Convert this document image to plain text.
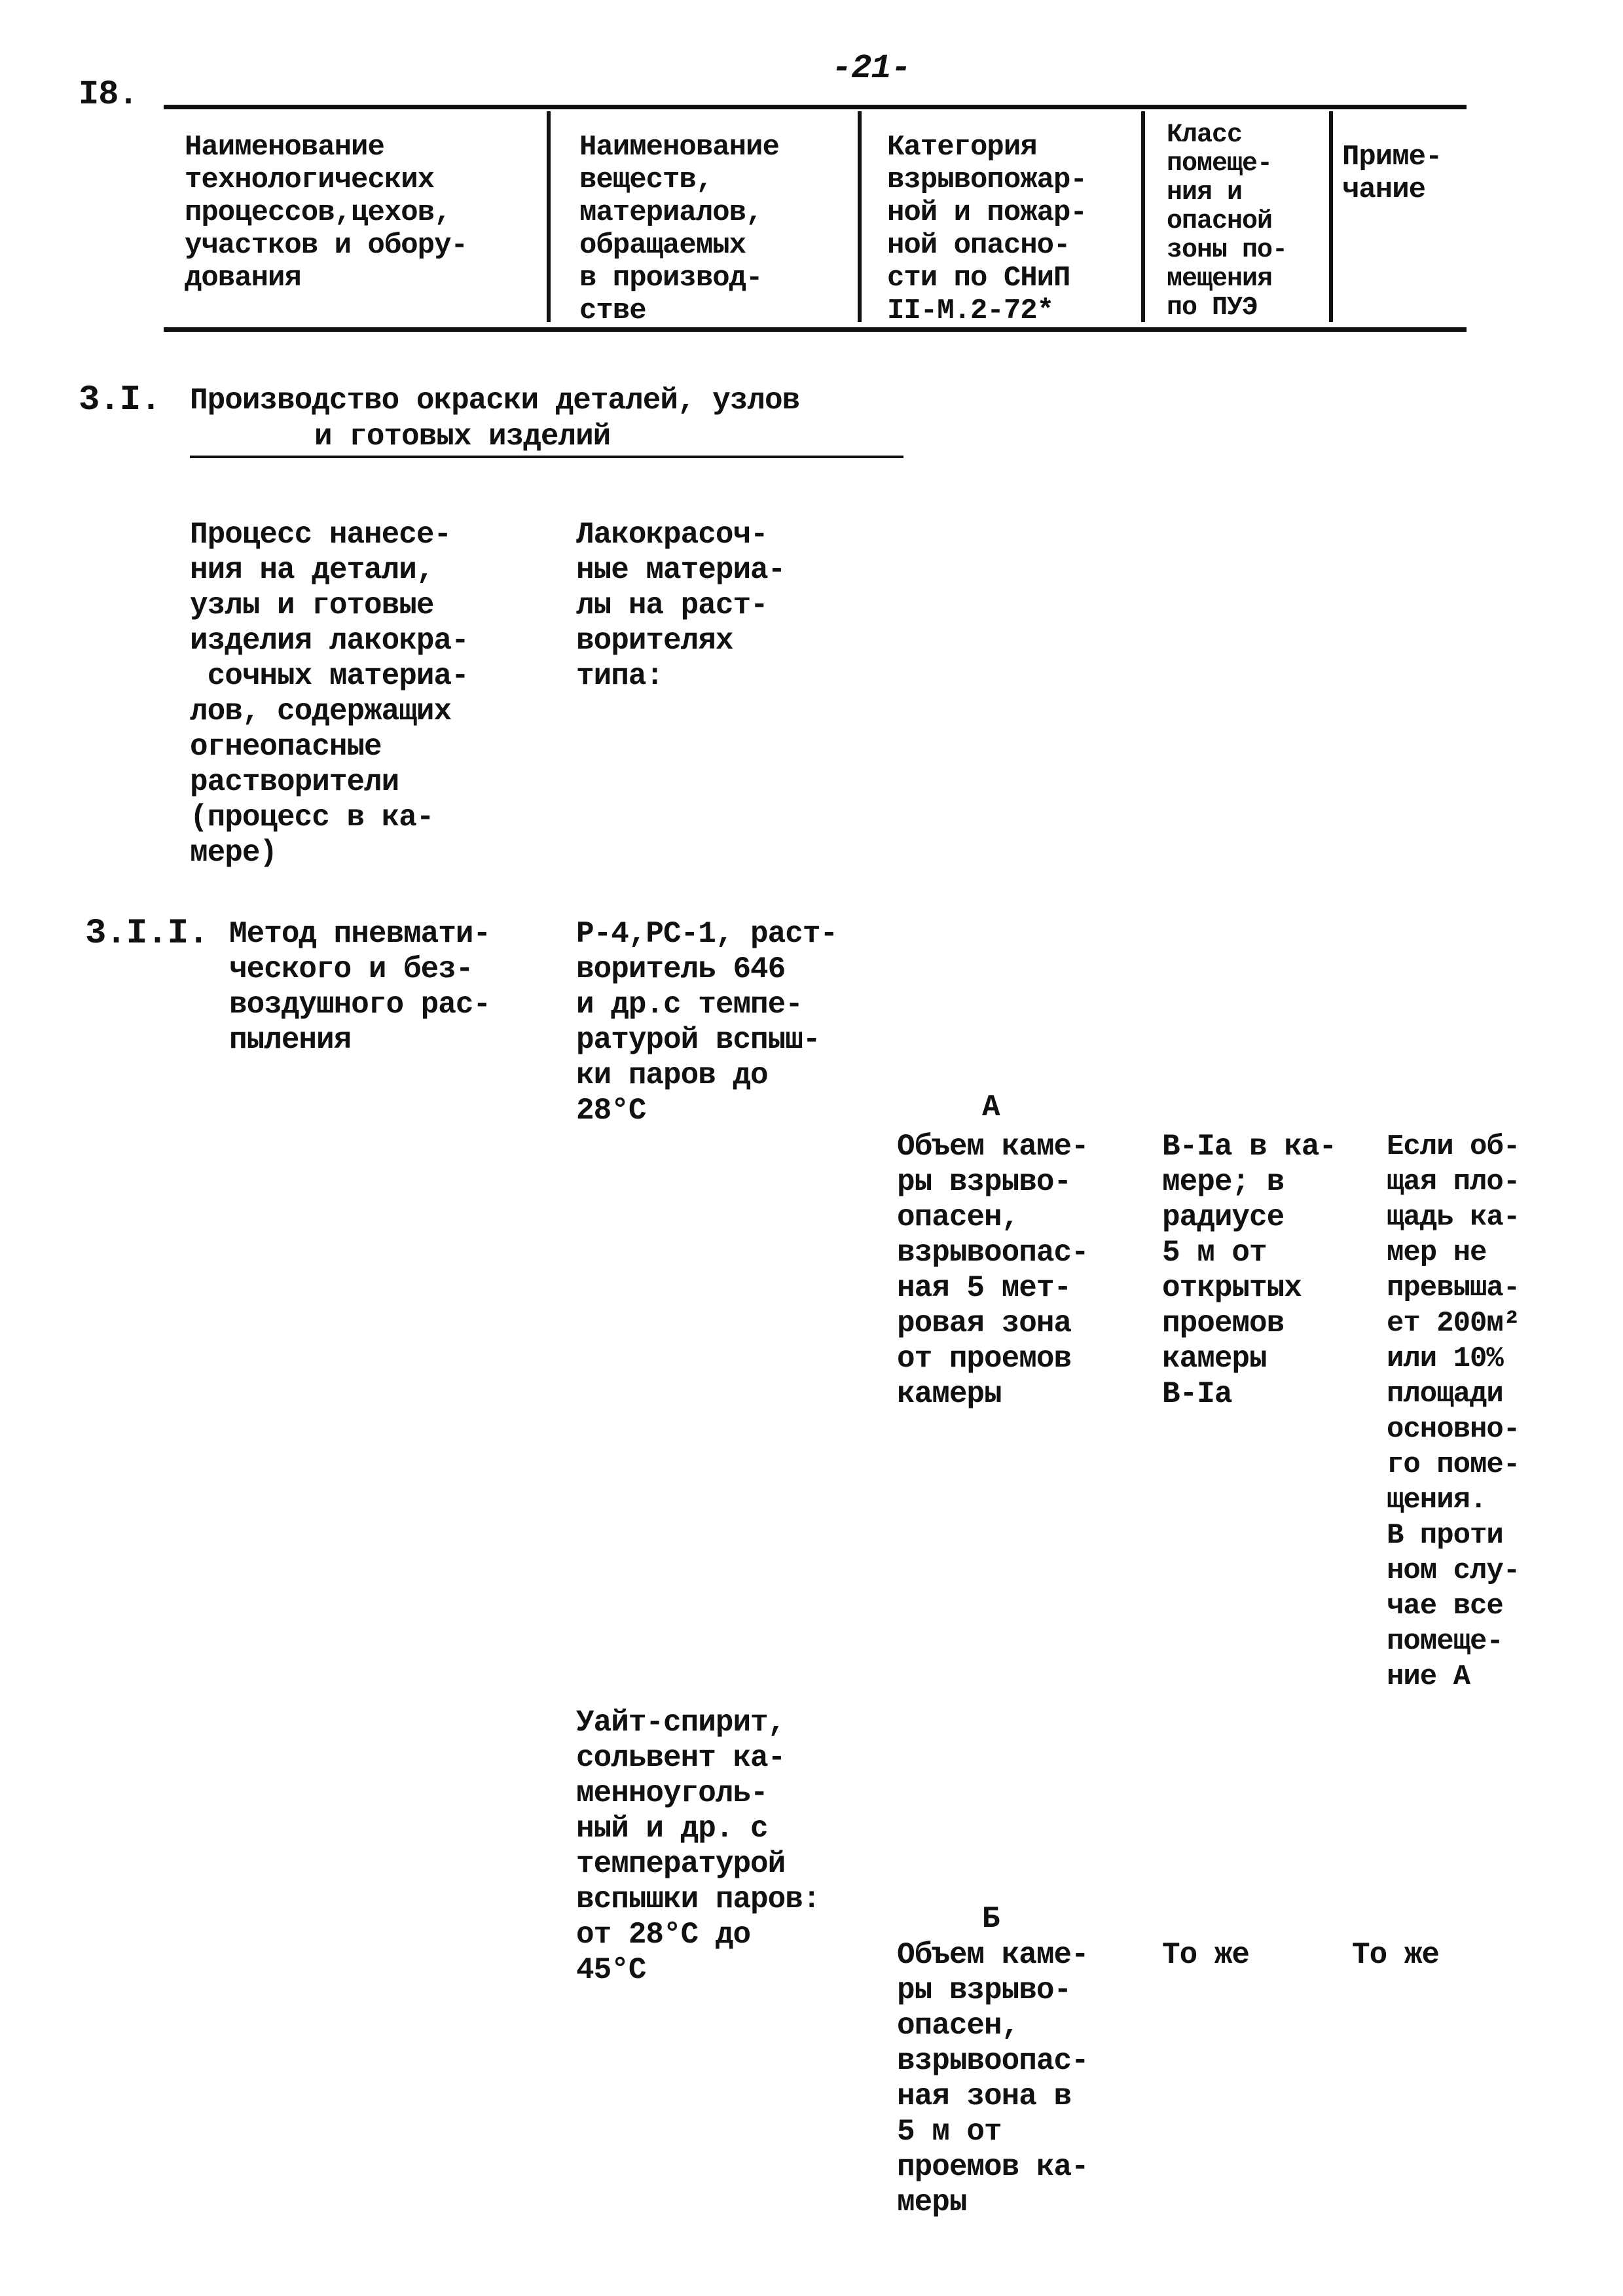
I8.
-21-
Наименование
технологических
процессов,цехов,
участков и обору-
дования
Наименование
веществ,
материалов,
обращаемых
в производ-
стве
Категория
взрывопожар-
ной и пожар-
ной опасно-
сти по СНиП
II-М.2-72*
Класс
помеще-
ния и
опасной
зоны по-
мещения
по ПУЭ
Приме-
чание
3.I. Производство окраски деталей, узлов
и готовых изделий
Процесс нанесе-
ния на детали,
узлы и готовые
изделия лакокра-
сочных материа-
лов, содержащих
огнеопасные
растворители
(процесс в ка-
мере)
Лакокрасоч-
ные материа-
лы на раст-
ворителях
типа:
3.I.I. Метод пневмати-
ческого и без-
воздушного рас-
пыления
Р-4,РС-1, раст-
воритель 646
и др.с темпе-
ратурой вспыш-
ки паров до
28°С	А
Объем каме-
ры взрыво-
опасен,
взрывоопас-
ная 5 мет-
ровая зона
от проемов
камеры
В-Iа в ка-
мере; в
радиусе
5 м от
открытых
проемов
камеры
В-Iа
Если об-
щая пло-
щадь ка-
мер не
превыша-
ет 200м²
или 10%
площади
основно-
го поме-
щения.
В проти
ном слу-
чае все
помеще-
ние А
Уайт-спирит,
сольвент ка-
менноуголь-
ный и др. с
температурой
вспышки паров:
от 28°С до
45°С
Б
Объем каме-
ры взрыво-
опасен,
взрывоопас-
ная зона в
5 м от
проемов ка-
меры
То же	То же
